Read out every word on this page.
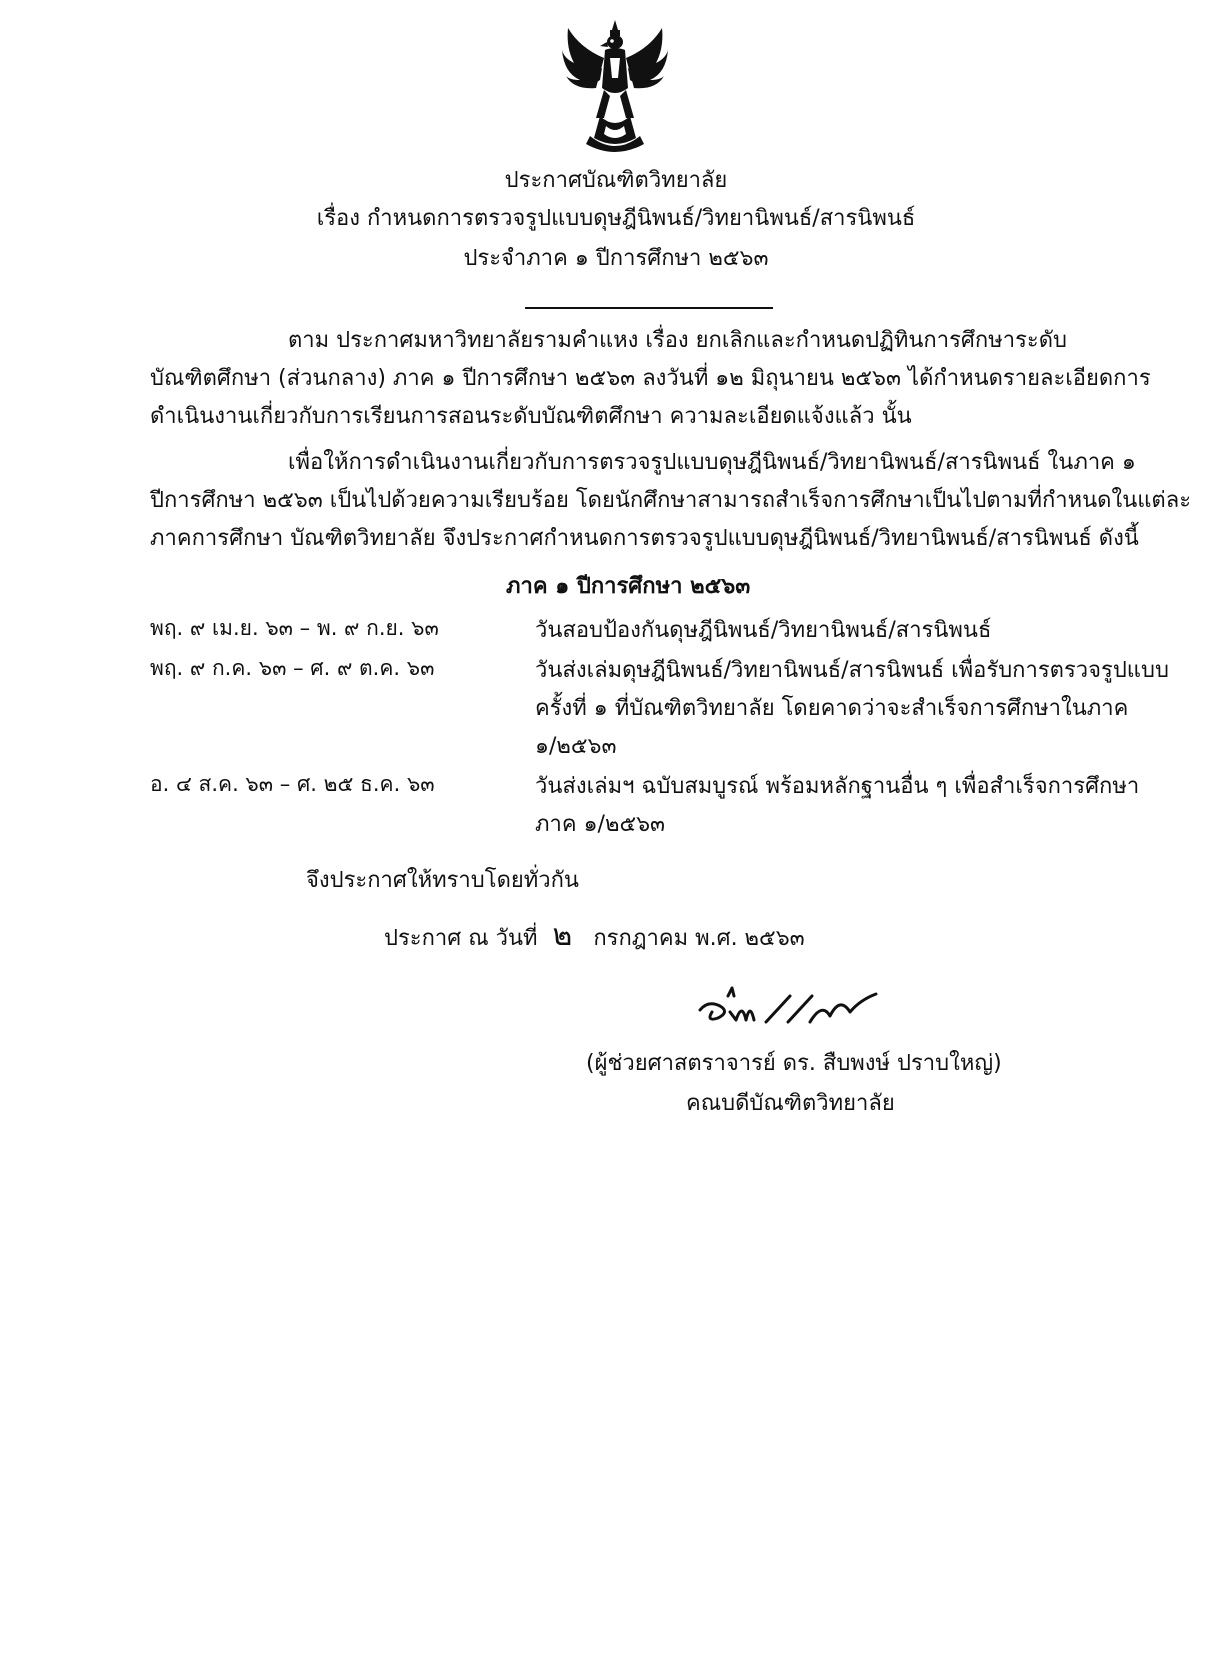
ประกาศบัณฑิตวิทยาลัย
เรื่อง กำหนดการตรวจรูปแบบดุษฎีนิพนธ์/วิทยานิพนธ์/สารนิพนธ์
ประจำภาค ๑ ปีการศึกษา ๒๕๖๓
ตาม ประกาศมหาวิทยาลัยรามคำแหง เรื่อง ยกเลิกและกำหนดปฏิทินการศึกษาระดับ
บัณฑิตศึกษา (ส่วนกลาง) ภาค ๑ ปีการศึกษา ๒๕๖๓ ลงวันที่ ๑๒ มิถุนายน ๒๕๖๓ ได้กำหนดรายละเอียดการ
ดำเนินงานเกี่ยวกับการเรียนการสอนระดับบัณฑิตศึกษา ความละเอียดแจ้งแล้ว นั้น
เพื่อให้การดำเนินงานเกี่ยวกับการตรวจรูปแบบดุษฎีนิพนธ์/วิทยานิพนธ์/สารนิพนธ์ ในภาค ๑
ปีการศึกษา ๒๕๖๓ เป็นไปด้วยความเรียบร้อย โดยนักศึกษาสามารถสำเร็จการศึกษาเป็นไปตามที่กำหนดในแต่ละ
ภาคการศึกษา บัณฑิตวิทยาลัย จึงประกาศกำหนดการตรวจรูปแบบดุษฎีนิพนธ์/วิทยานิพนธ์/สารนิพนธ์ ดังนี้
ภาค ๑ ปีการศึกษา ๒๕๖๓
พฤ. ๙ เม.ย. ๖๓ – พ. ๙ ก.ย. ๖๓	วันสอบป้องกันดุษฎีนิพนธ์/วิทยานิพนธ์/สารนิพนธ์
พฤ. ๙ ก.ค. ๖๓ – ศ. ๙ ต.ค. ๖๓	วันส่งเล่มดุษฎีนิพนธ์/วิทยานิพนธ์/สารนิพนธ์ เพื่อรับการตรวจรูปแบบ
ครั้งที่ ๑ ที่บัณฑิตวิทยาลัย โดยคาดว่าจะสำเร็จการศึกษาในภาค
๑/๒๕๖๓
อ. ๔ ส.ค. ๖๓ – ศ. ๒๕ ธ.ค. ๖๓	วันส่งเล่มฯ ฉบับสมบูรณ์ พร้อมหลักฐานอื่น ๆ เพื่อสำเร็จการศึกษา
ภาค ๑/๒๕๖๓
จึงประกาศให้ทราบโดยทั่วกัน
ประกาศ ณ วันที่ ๒ กรกฎาคม พ.ศ. ๒๕๖๓
(ผู้ช่วยศาสตราจารย์ ดร. สืบพงษ์ ปราบใหญ่)
คณบดีบัณฑิตวิทยาลัย
